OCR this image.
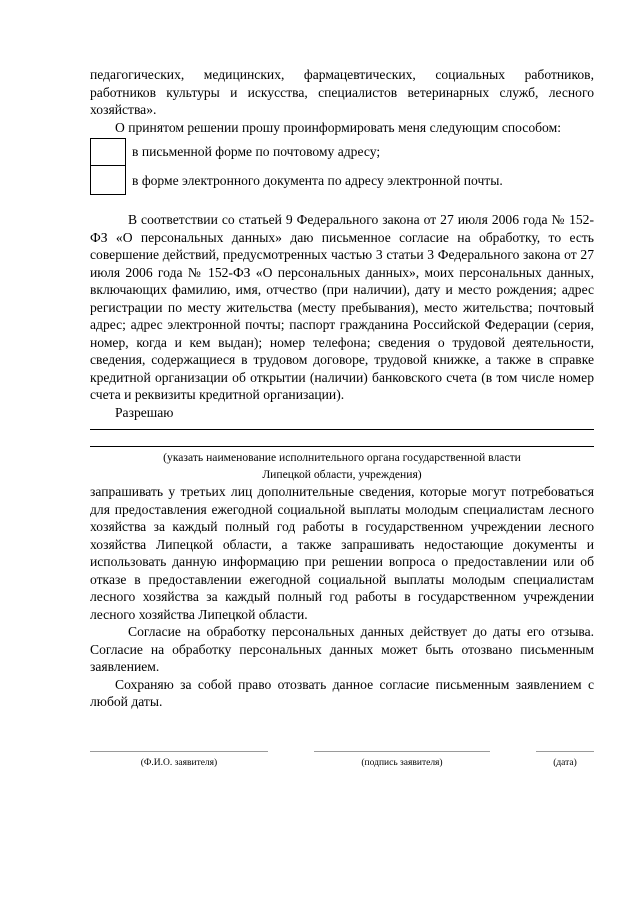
педагогических, медицинских, фармацевтических, социальных работников, работников культуры и искусства, специалистов ветеринарных служб, лесного хозяйства».

О принятом решении прошу проинформировать меня следующим способом:

в письменной форме по почтовому адресу;
в форме электронного документа по адресу электронной почты.

В соответствии со статьей 9 Федерального закона от 27 июля 2006 года № 152-ФЗ «О персональных данных» даю письменное согласие на обработку, то есть совершение действий, предусмотренных частью 3 статьи 3 Федерального закона от 27 июля 2006 года № 152-ФЗ «О персональных данных», моих персональных данных, включающих фамилию, имя, отчество (при наличии), дату и место рождения; адрес регистрации по месту жительства (месту пребывания), место жительства; почтовый адрес; адрес электронной почты; паспорт гражданина Российской Федерации (серия, номер, когда и кем выдан); номер телефона; сведения о трудовой деятельности, сведения, содержащиеся в трудовом договоре, трудовой книжке, а также в справке кредитной организации об открытии (наличии) банковского счета (в том числе номер счета и реквизиты кредитной организации).

Разрешаю

(указать наименование исполнительного органа государственной власти
Липецкой области, учреждения)

запрашивать у третьих лиц дополнительные сведения, которые могут потребоваться для предоставления ежегодной социальной выплаты молодым специалистам лесного хозяйства за каждый полный год работы в государственном учреждении лесного хозяйства Липецкой области, а также запрашивать недостающие документы и использовать данную информацию при решении вопроса о предоставлении или об отказе в предоставлении ежегодной социальной выплаты молодым специалистам лесного хозяйства за каждый полный год работы в государственном учреждении лесного хозяйства Липецкой области.

Согласие на обработку персональных данных действует до даты его отзыва. Согласие на обработку персональных данных может быть отозвано письменным заявлением.

Сохраняю за собой право отозвать данное согласие письменным заявлением с любой даты.

(Ф.И.О. заявителя)	(подпись заявителя)	(дата)
